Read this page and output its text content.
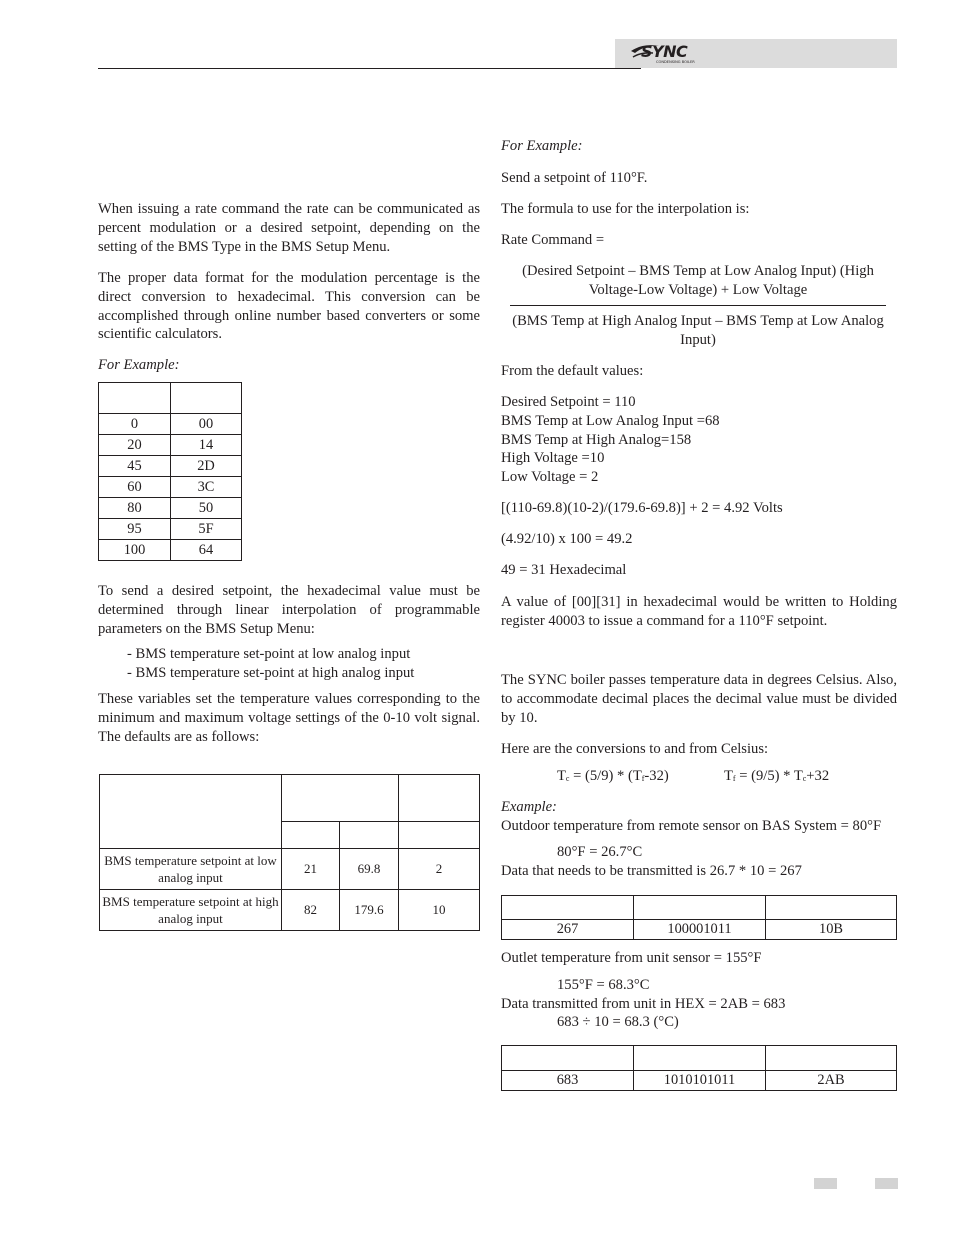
SYNC
CONDENSING BOILER

When issuing a rate command the rate can be communicated as percent modulation or a desired setpoint, depending on the setting of the BMS Type in the BMS Setup Menu.

The proper data format for the modulation percentage is the direct conversion to hexadecimal. This conversion can be accomplished through online number based converters or some scientific calculators.

For Example:

0	00
20	14
45	2D
60	3C
80	50
95	5F
100	64

To send a desired setpoint, the hexadecimal value must be determined through linear interpolation of programmable parameters on the BMS Setup Menu:

- BMS temperature set-point at low analog input

- BMS temperature set-point at high analog input

These variables set the temperature values corresponding to the minimum and maximum voltage settings of the 0-10 volt signal. The defaults are as follows:

BMS temperature setpoint at low analog input	21	69.8	2
BMS temperature setpoint at high analog input	82	179.6	10

For Example:

Send a setpoint of 110°F.

The formula to use for the interpolation is:

Rate Command =

(Desired Setpoint – BMS Temp at Low Analog Input) (High Voltage-Low Voltage) + Low Voltage

(BMS Temp at High Analog Input – BMS Temp at Low Analog Input)

From the default values:

Desired Setpoint = 110
BMS Temp at Low Analog Input =68
BMS Temp at High Analog=158
High Voltage =10
Low Voltage = 2

[(110-69.8)(10-2)/(179.6-69.8)] + 2 = 4.92 Volts

(4.92/10) x 100 = 49.2

49 = 31 Hexadecimal

A value of [00][31] in hexadecimal would be written to Holding register 40003 to issue a command for a 110°F setpoint.

The SYNC boiler passes temperature data in degrees Celsius. Also, to accommodate decimal places the decimal value must be divided by 10.

Here are the conversions to and from Celsius:

$T_c = (5/9) * (T_f-32)$	$T_f = (9/5) * T_c+32$

Example:

Outdoor temperature from remote sensor on BAS System = 80°F

80°F = 26.7°C

Data that needs to be transmitted is 26.7 * 10 = 267

267	100001011	10B

Outlet temperature from unit sensor = 155°F

155°F = 68.3°C

Data transmitted from unit in HEX = 2AB = 683

683 ÷ 10 = 68.3 (°C)

683	1010101011	2AB
